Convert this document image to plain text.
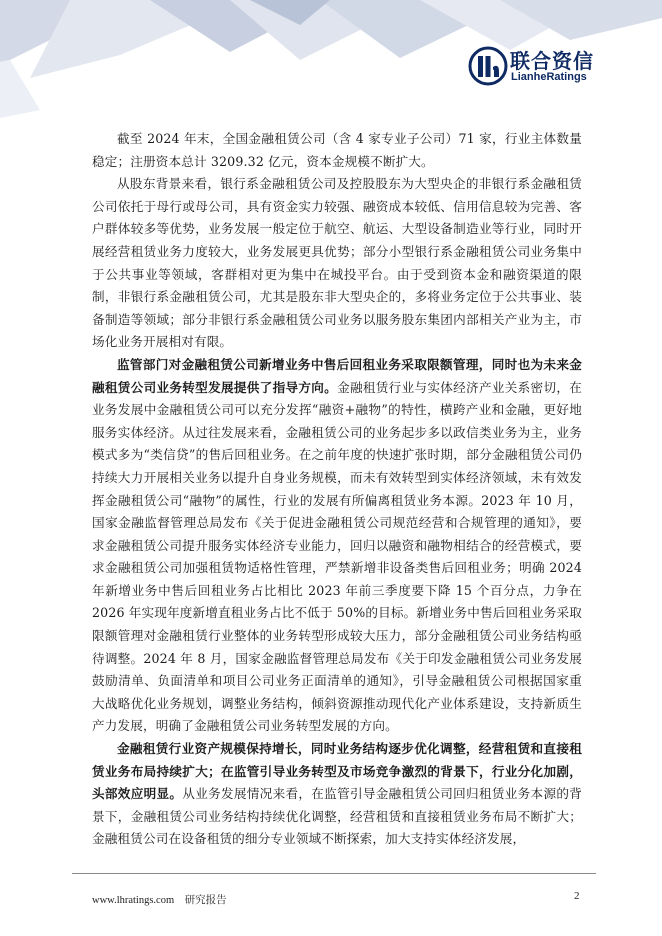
联合资信
LianheRatings

截至 2024 年末，全国金融租赁公司（含 4 家专业子公司）71 家，行业主体数量稳定；注册资本总计 3209.32 亿元，资本金规模不断扩大。

从股东背景来看，银行系金融租赁公司及控股股东为大型央企的非银行系金融租赁公司依托于母行或母公司，具有资金实力较强、融资成本较低、信用信息较为完善、客户群体较多等优势，业务发展一般定位于航空、航运、大型设备制造业等行业，同时开展经营租赁业务力度较大，业务发展更具优势；部分小型银行系金融租赁公司业务集中于公共事业等领域，客群相对更为集中在城投平台。由于受到资本金和融资渠道的限制，非银行系金融租赁公司，尤其是股东非大型央企的，多将业务定位于公共事业、装备制造等领域；部分非银行系金融租赁公司业务以服务股东集团内部相关产业为主，市场化业务开展相对有限。

监管部门对金融租赁公司新增业务中售后回租业务采取限额管理，同时也为未来金融租赁公司业务转型发展提供了指导方向。金融租赁行业与实体经济产业关系密切，在业务发展中金融租赁公司可以充分发挥“融资+融物”的特性，横跨产业和金融，更好地服务实体经济。从过往发展来看，金融租赁公司的业务起步多以政信类业务为主，业务模式多为“类信贷”的售后回租业务。在之前年度的快速扩张时期，部分金融租赁公司仍持续大力开展相关业务以提升自身业务规模，而未有效转型到实体经济领域，未有效发挥金融租赁公司“融物”的属性，行业的发展有所偏离租赁业务本源。2023 年 10 月，国家金融监督管理总局发布《关于促进金融租赁公司规范经营和合规管理的通知》，要求金融租赁公司提升服务实体经济专业能力，回归以融资和融物相结合的经营模式，要求金融租赁公司加强租赁物适格性管理，严禁新增非设备类售后回租业务；明确 2024 年新增业务中售后回租业务占比相比 2023 年前三季度要下降 15 个百分点，力争在 2026 年实现年度新增直租业务占比不低于 50%的目标。新增业务中售后回租业务采取限额管理对金融租赁行业整体的业务转型形成较大压力，部分金融租赁公司业务结构亟待调整。2024 年 8 月，国家金融监督管理总局发布《关于印发金融租赁公司业务发展鼓励清单、负面清单和项目公司业务正面清单的通知》，引导金融租赁公司根据国家重大战略优化业务规划，调整业务结构，倾斜资源推动现代化产业体系建设，支持新质生产力发展，明确了金融租赁公司业务转型发展的方向。

金融租赁行业资产规模保持增长，同时业务结构逐步优化调整，经营租赁和直接租赁业务布局持续扩大；在监管引导业务转型及市场竞争激烈的背景下，行业分化加剧，头部效应明显。从业务发展情况来看，在监管引导金融租赁公司回归租赁业务本源的背景下，金融租赁公司业务结构持续优化调整，经营租赁和直接租赁业务布局不断扩大；金融租赁公司在设备租赁的细分专业领域不断探索，加大支持实体经济发展，

www.lhratings.com 研究报告	2
